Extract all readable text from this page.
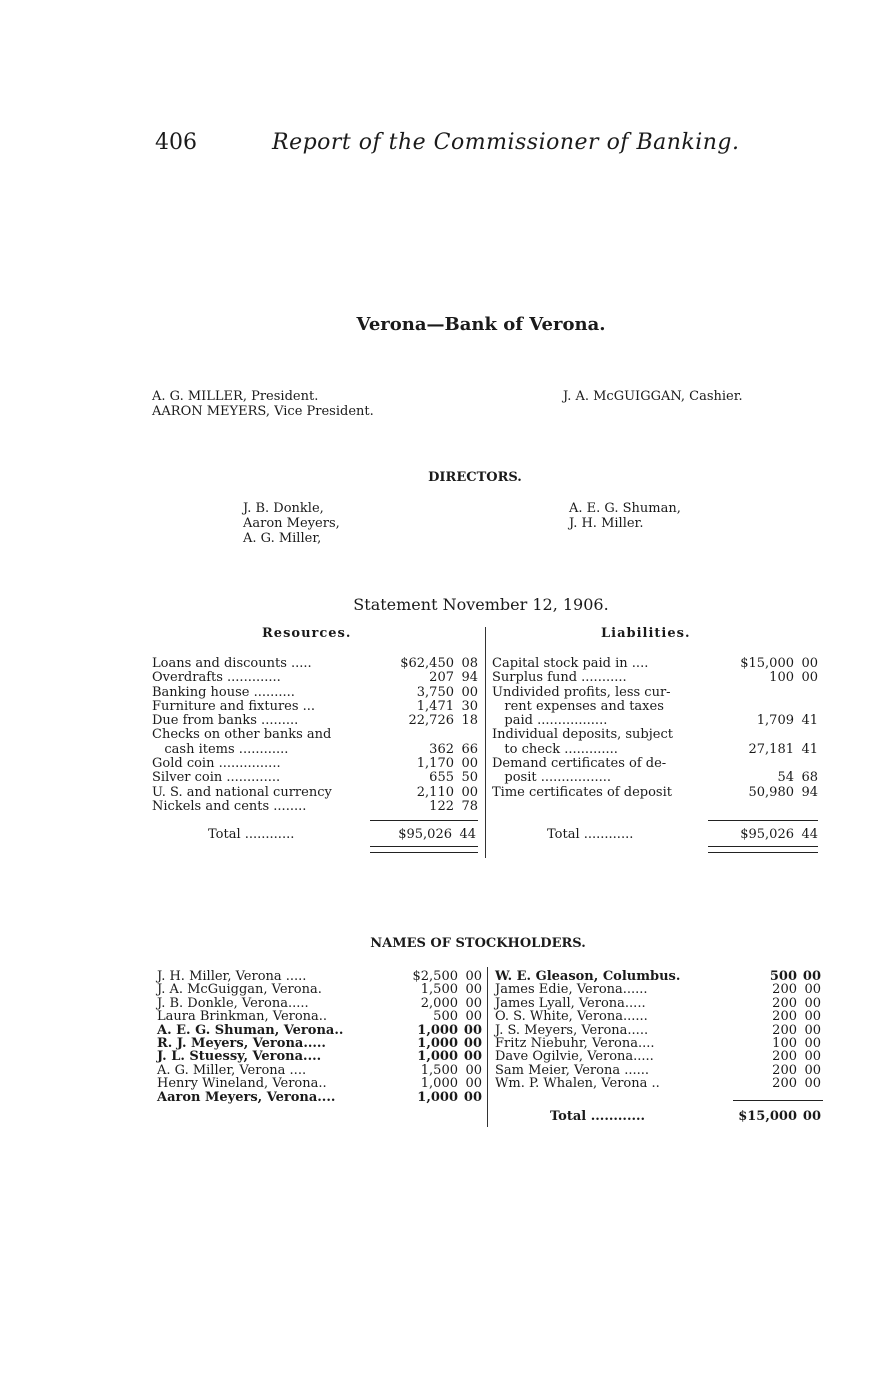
406	Report of the Commissioner of Banking.
Verona—Bank of Verona.
A. G. MILLER, President.
AARON MEYERS, Vice President.
J. A. McGUIGGAN, Cashier.
DIRECTORS.
J. B. Donkle,
Aaron Meyers,
A. G. Miller,
A. E. G. Shuman,
J. H. Miller.
Statement November 12, 1906.
Resources.	Liabilities.
Loans and discounts .....	$62,450 08
Overdrafts .............	207 94
Banking house ..........	3,750 00
Furniture and fixtures ...	1,471 30
Due from banks .........	22,726 18
Checks on other banks and
cash items ............	362 66
Gold coin ...............	1,170 00
Silver coin .............	655 50
U. S. and national currency	2,110 00
Nickels and cents ........	122 78
Total ............	$95,026 44
Capital stock paid in ....	$15,000 00
Surplus fund ...........	100 00
Undivided profits, less cur-
rent expenses and taxes
paid .................	1,709 41
Individual deposits, subject
to check .............	27,181 41
Demand certificates of de-
posit .................	54 68
Time certificates of deposit	50,980 94
Total ............	$95,026 44
NAMES OF STOCKHOLDERS.
J. H. Miller, Verona .....	$2,500 00
J. A. McGuiggan, Verona.	1,500 00
J. B. Donkle, Verona.....	2,000 00
Laura Brinkman, Verona..	500 00
A. E. G. Shuman, Verona..	1,000 00
R. J. Meyers, Verona.....	1,000 00
J. L. Stuessy, Verona....	1,000 00
A. G. Miller, Verona ....	1,500 00
Henry Wineland, Verona..	1,000 00
Aaron Meyers, Verona....	1,000 00
W. E. Gleason, Columbus.	500 00
James Edie, Verona......	200 00
James Lyall, Verona.....	200 00
O. S. White, Verona......	200 00
J. S. Meyers, Verona.....	200 00
Fritz Niebuhr, Verona....	100 00
Dave Ogilvie, Verona.....	200 00
Sam Meier, Verona ......	200 00
Wm. P. Whalen, Verona ..	200 00
Total ............	$15,000 00
